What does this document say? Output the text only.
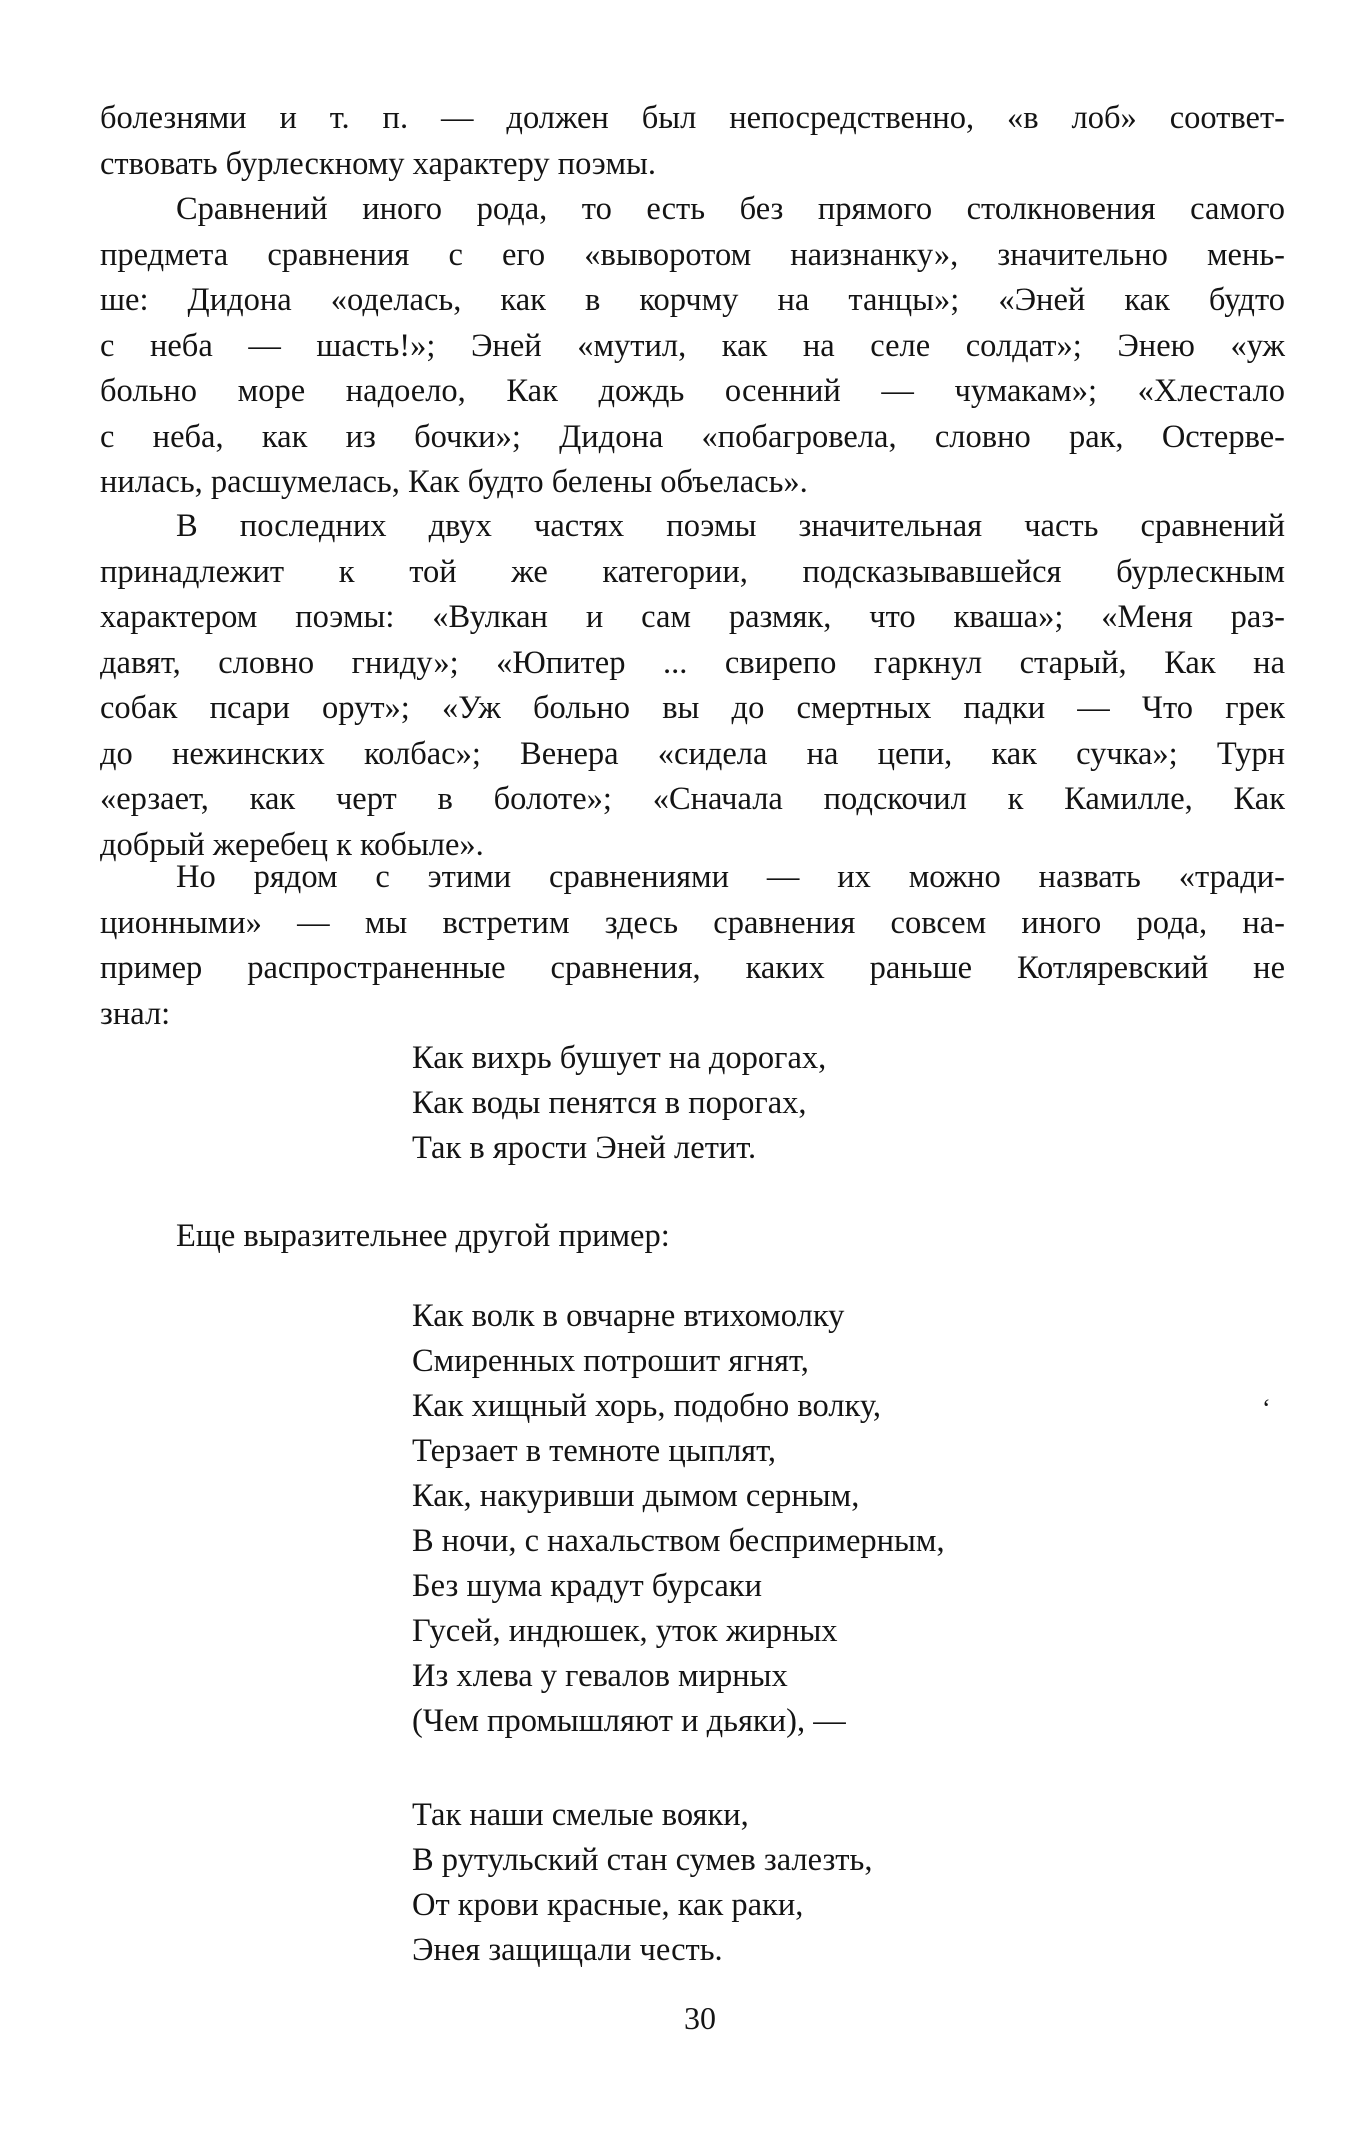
болезнями и т. п. — должен был непосредственно, «в лоб» соответ-
ствовать бурлескному характеру поэмы.
Сравнений иного рода, то есть без прямого столкновения самого
предмета сравнения с его «выворотом наизнанку», значительно мень-
ше: Дидона «оделась, как в корчму на танцы»; «Эней как будто
с неба — шасть!»; Эней «мутил, как на селе солдат»; Энею «уж
больно море надоело, Как дождь осенний — чумакам»; «Хлестало
с неба, как из бочки»; Дидона «побагровела, словно рак, Остерве-
нилась, расшумелась, Как будто белены объелась».
В последних двух частях поэмы значительная часть сравнений
принадлежит к той же категории, подсказывавшейся бурлескным
характером поэмы: «Вулкан и сам размяк, что кваша»; «Меня раз-
давят, словно гниду»; «Юпитер ... свирепо гаркнул старый, Как на
собак псари орут»; «Уж больно вы до смертных падки — Что грек
до нежинских колбас»; Венера «сидела на цепи, как сучка»; Турн
«ерзает, как черт в болоте»; «Сначала подскочил к Камилле, Как
добрый жеребец к кобыле».
Но рядом с этими сравнениями — их можно назвать «тради-
ционными» — мы встретим здесь сравнения совсем иного рода, на-
пример распространенные сравнения, каких раньше Котляревский не
знал:
Как вихрь бушует на дорогах,
Как воды пенятся в порогах,
Так в ярости Эней летит.
Еще выразительнее другой пример:
Как волк в овчарне втихомолку
Смиренных потрошит ягнят,
Как хищный хорь, подобно волку,
Терзает в темноте цыплят,
Как, накуривши дымом серным,
В ночи, с нахальством беспримерным,
Без шума крадут бурсаки
Гусей, индюшек, уток жирных
Из хлева у гевалов мирных
(Чем промышляют и дьяки), —
‘
Так наши смелые вояки,
В рутульский стан сумев залезть,
От крови красные, как раки,
Энея защищали честь.
30
